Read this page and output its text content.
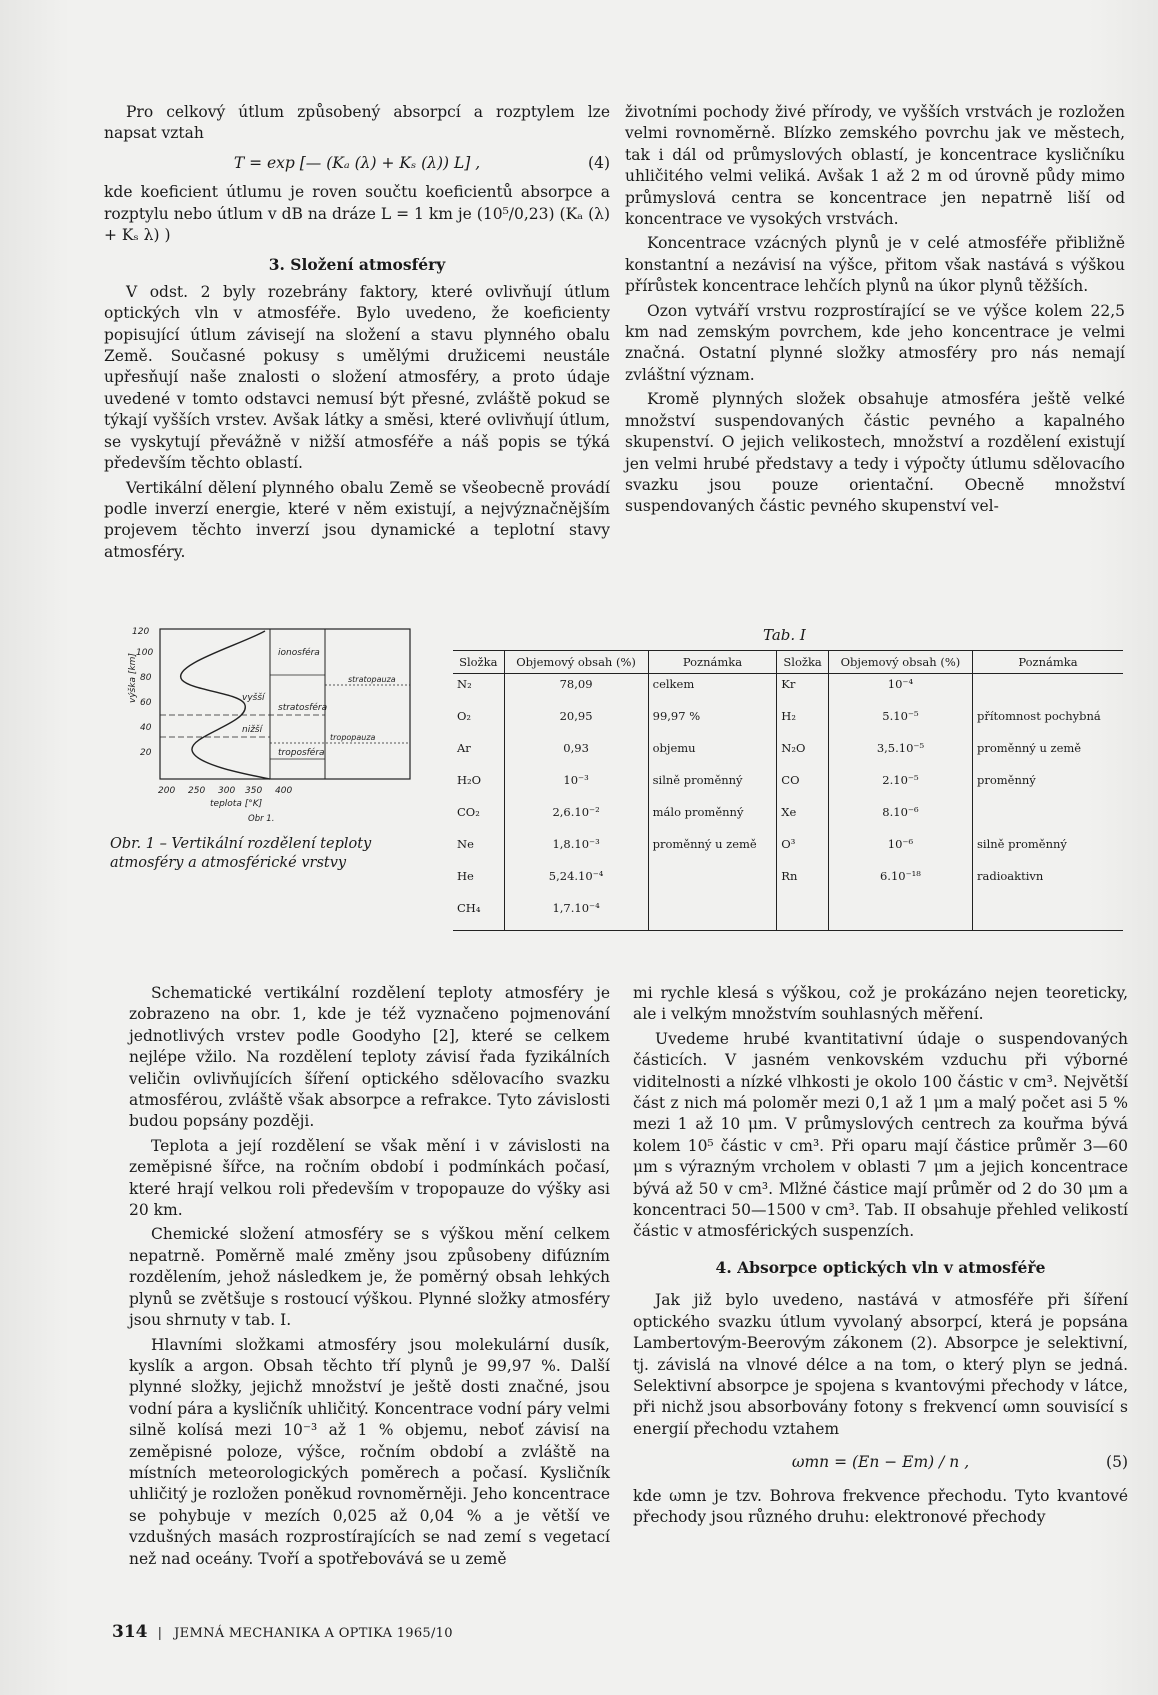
Pro celkový útlum způsobený absorpcí a rozptylem lze napsat vztah

T = exp [— (Kₐ (λ) + Kₛ (λ)) L] ,	(4)

kde koeficient útlumu je roven součtu koeficientů absorpce a rozptylu nebo útlum v dB na dráze L = 1 km je (10⁵/0,23) (Kₐ (λ) + Kₛ λ) )

3. Složení atmosféry

V odst. 2 byly rozebrány faktory, které ovlivňují útlum optických vln v atmosféře. Bylo uvedeno, že koeficienty popisující útlum závisejí na složení a stavu plynného obalu Země. Současné pokusy s umělými družicemi neustále upřesňují naše znalosti o složení atmosféry, a proto údaje uvedené v tomto odstavci nemusí být přesné, zvláště pokud se týkají vyšších vrstev. Avšak látky a směsi, které ovlivňují útlum, se vyskytují převážně v nižší atmosféře a náš popis se týká především těchto oblastí.

Vertikální dělení plynného obalu Země se všeobecně provádí podle inverzí energie, které v něm existují, a nejvýznačnějším projevem těchto inverzí jsou dynamické a teplotní stavy atmosféry.

životními pochody živé přírody, ve vyšších vrstvách je rozložen velmi rovnoměrně. Blízko zemského povrchu jak ve městech, tak i dál od průmyslových oblastí, je koncentrace kysličníku uhličitého velmi veliká. Avšak 1 až 2 m od úrovně půdy mimo průmyslová centra se koncentrace jen nepatrně liší od koncentrace ve vysokých vrstvách.

Koncentrace vzácných plynů je v celé atmosféře přibližně konstantní a nezávisí na výšce, přitom však nastává s výškou přírůstek koncentrace lehčích plynů na úkor plynů těžších.

Ozon vytváří vrstvu rozprostírající se ve výšce kolem 22,5 km nad zemským povrchem, kde jeho koncentrace je velmi značná. Ostatní plynné složky atmosféry pro nás nemají zvláštní význam.

Kromě plynných složek obsahuje atmosféra ještě velké množství suspendovaných částic pevného a kapalného skupenství. O jejich velikostech, množství a rozdělení existují jen velmi hrubé představy a tedy i výpočty útlumu sdělovacího svazku jsou pouze orientační. Obecně množství suspendovaných částic pevného skupenství vel-

120
100
80
60
40
20
výška [km]
200 250 300 350 400
teplota [°K]
ionosféra
stratopauza
vyšší
stratosféra
nižší
tropopauza
troposféra
Obr 1.
Obr. 1 – Vertikální rozdělení teploty atmosféry a atmosférické vrstvy
Tab. I
Složka	Objemový obsah (%)	Poznámka	Složka	Objemový obsah (%)	Poznámka
N₂	78,09	celkem	Kr	10⁻⁴	
O₂	20,95	99,97 %	H₂	5.10⁻⁵	přítomnost pochybná
Ar	0,93	objemu	N₂O	3,5.10⁻⁵	proměnný u země
H₂O	10⁻³	silně proměnný	CO	2.10⁻⁵	proměnný
CO₂	2,6.10⁻²	málo proměnný	Xe	8.10⁻⁶	
Ne	1,8.10⁻³	proměnný u země	O³	10⁻⁶	silně proměnný
He	5,24.10⁻⁴		Rn	6.10⁻¹⁸	radioaktivn
CH₄	1,7.10⁻⁴				

Schematické vertikální rozdělení teploty atmosféry je zobrazeno na obr. 1, kde je též vyznačeno pojmenování jednotlivých vrstev podle Goodyho [2], které se celkem nejlépe vžilo. Na rozdělení teploty závisí řada fyzikálních veličin ovlivňujících šíření optického sdělovacího svazku atmosférou, zvláště však absorpce a refrakce. Tyto závislosti budou popsány později.

Teplota a její rozdělení se však mění i v závislosti na zeměpisné šířce, na ročním období i podmínkách počasí, které hrají velkou roli především v tropopauze do výšky asi 20 km.

Chemické složení atmosféry se s výškou mění celkem nepatrně. Poměrně malé změny jsou způsobeny difúzním rozdělením, jehož následkem je, že poměrný obsah lehkých plynů se zvětšuje s rostoucí výškou. Plynné složky atmosféry jsou shrnuty v tab. I.

Hlavními složkami atmosféry jsou molekulární dusík, kyslík a argon. Obsah těchto tří plynů je 99,97 %. Další plynné složky, jejichž množství je ještě dosti značné, jsou vodní pára a kysličník uhličitý. Koncentrace vodní páry velmi silně kolísá mezi 10⁻³ až 1 % objemu, neboť závisí na zeměpisné poloze, výšce, ročním období a zvláště na místních meteorologických poměrech a počasí. Kysličník uhličitý je rozložen poněkud rovnoměrněji. Jeho koncentrace se pohybuje v mezích 0,025 až 0,04 % a je větší ve vzdušných masách rozprostírajících se nad zemí s vegetací než nad oceány. Tvoří a spotřebovává se u země

mi rychle klesá s výškou, což je prokázáno nejen teoreticky, ale i velkým množstvím souhlasných měření.

Uvedeme hrubé kvantitativní údaje o suspendovaných částicích. V jasném venkovském vzduchu při výborné viditelnosti a nízké vlhkosti je okolo 100 částic v cm³. Největší část z nich má poloměr mezi 0,1 až 1 μm a malý počet asi 5 % mezi 1 až 10 μm. V průmyslových centrech za kouřma bývá kolem 10⁵ částic v cm³. Při oparu mají částice průměr 3—60 μm s výrazným vrcholem v oblasti 7 μm a jejich koncentrace bývá až 50 v cm³. Mlžné částice mají průměr od 2 do 30 μm a koncentraci 50—1500 v cm³. Tab. II obsahuje přehled velikostí částic v atmosférických suspenzích.

4. Absorpce optických vln v atmosféře

Jak již bylo uvedeno, nastává v atmosféře při šíření optického svazku útlum vyvolaný absorpcí, která je popsána Lambertovým-Beerovým zákonem (2). Absorpce je selektivní, tj. závislá na vlnové délce a na tom, o který plyn se jedná. Selektivní absorpce je spojena s kvantovými přechody v látce, při nichž jsou absorbovány fotony s frekvencí ωmn souvisící s energií přechodu vztahem

ωmn = (En − Em) / n ,	(5)

kde ωmn je tzv. Bohrova frekvence přechodu. Tyto kvantové přechody jsou různého druhu: elektronové přechody

314 | JEMNÁ MECHANIKA A OPTIKA 1965/10
